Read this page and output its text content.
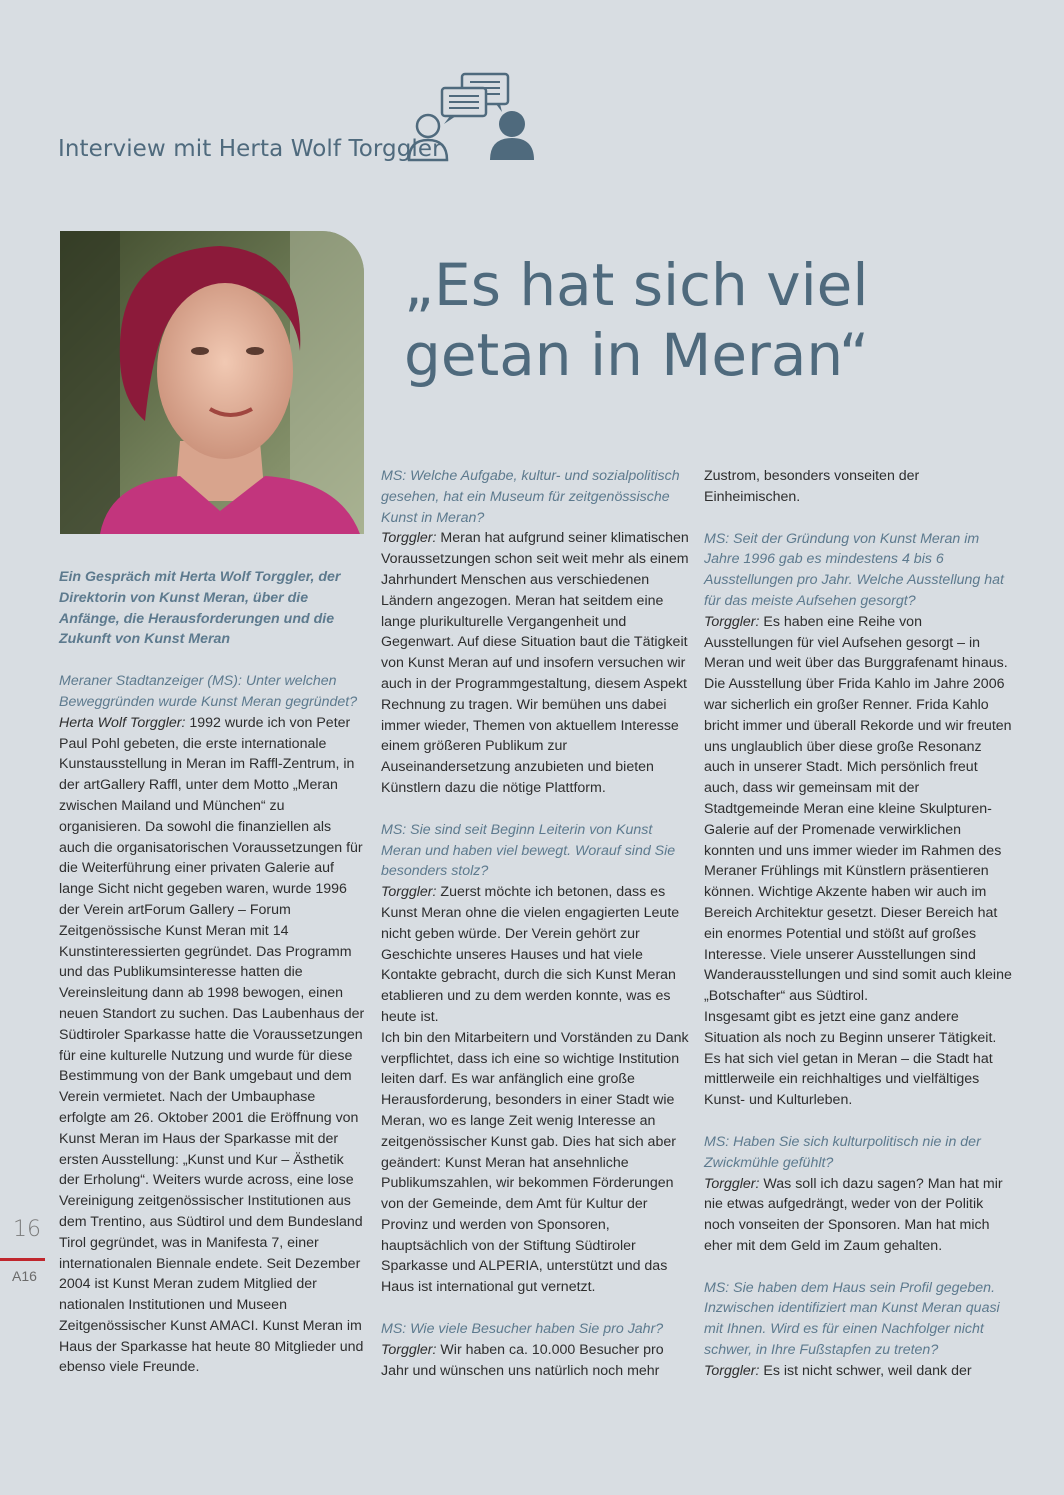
Interview mit Herta Wolf Torggler
„Es hat sich viel
getan in Meran“

Ein Gespräch mit Herta Wolf Torggler, der Direktorin von Kunst Meran, über die Anfänge, die Herausforderungen und die Zukunft von Kunst Meran

Meraner Stadtanzeiger (MS): Unter welchen Beweggründen wurde Kunst Meran gegründet?

Herta Wolf Torggler: 1992 wurde ich von Peter Paul Pohl gebeten, die erste internationale Kunstausstellung in Meran im Raffl-Zentrum, in der artGallery Raffl, unter dem Motto „Meran zwischen Mailand und München“ zu organisieren. Da sowohl die finanziellen als auch die organisatorischen Voraussetzungen für die Weiterführung einer privaten Galerie auf lange Sicht nicht gegeben waren, wurde 1996 der Verein artForum Gallery – Forum Zeitgenössische Kunst Meran mit 14 Kunstinteressierten gegründet. Das Programm und das Publikumsinteresse hatten die Vereinsleitung dann ab 1998 bewogen, einen neuen Standort zu suchen. Das Laubenhaus der Südtiroler Sparkasse hatte die Voraussetzungen für eine kulturelle Nutzung und wurde für diese Bestimmung von der Bank umgebaut und dem Verein vermietet. Nach der Umbauphase erfolgte am 26. Oktober 2001 die Eröffnung von Kunst Meran im Haus der Sparkasse mit der ersten Ausstellung: „Kunst und Kur – Ästhetik der Erholung“. Weiters wurde across, eine lose Vereinigung zeitgenössischer Institutionen aus dem Trentino, aus Südtirol und dem Bundesland Tirol gegründet, was in Manifesta 7, einer internationalen Biennale endete. Seit Dezember 2004 ist Kunst Meran zudem Mitglied der nationalen Institutionen und Museen Zeitgenössischer Kunst AMACI. Kunst Meran im Haus der Sparkasse hat heute 80 Mitglieder und ebenso viele Freunde.

MS: Welche Aufgabe, kultur- und sozialpolitisch gesehen, hat ein Museum für zeitgenössische Kunst in Meran?

Torggler: Meran hat aufgrund seiner klimatischen Voraussetzungen schon seit weit mehr als einem Jahrhundert Menschen aus verschiedenen Ländern angezogen. Meran hat seitdem eine lange plurikulturelle Vergangenheit und Gegenwart. Auf diese Situation baut die Tätigkeit von Kunst Meran auf und insofern versuchen wir auch in der Programmgestaltung, diesem Aspekt Rechnung zu tragen. Wir bemühen uns dabei immer wieder, Themen von aktuellem Interesse einem größeren Publikum zur Auseinandersetzung anzubieten und bieten Künstlern dazu die nötige Plattform.

MS: Sie sind seit Beginn Leiterin von Kunst Meran und haben viel bewegt. Worauf sind Sie besonders stolz?

Torggler: Zuerst möchte ich betonen, dass es Kunst Meran ohne die vielen engagierten Leute nicht geben würde. Der Verein gehört zur Geschichte unseres Hauses und hat viele Kontakte gebracht, durch die sich Kunst Meran etablieren und zu dem werden konnte, was es heute ist.

Ich bin den Mitarbeitern und Vorständen zu Dank verpflichtet, dass ich eine so wichtige Institution leiten darf. Es war anfänglich eine große Herausforderung, besonders in einer Stadt wie Meran, wo es lange Zeit wenig Interesse an zeitgenössischer Kunst gab. Dies hat sich aber geändert: Kunst Meran hat ansehnliche Publikumszahlen, wir bekommen Förderungen von der Gemeinde, dem Amt für Kultur der Provinz und werden von Sponsoren, hauptsächlich von der Stiftung Südtiroler Sparkasse und ALPERIA, unterstützt und das Haus ist international gut vernetzt.

MS: Wie viele Besucher haben Sie pro Jahr?

Torggler: Wir haben ca. 10.000 Besucher pro Jahr und wünschen uns natürlich noch mehr

Zustrom, besonders vonseiten der Einheimischen.

MS: Seit der Gründung von Kunst Meran im Jahre 1996 gab es mindestens 4 bis 6 Ausstellungen pro Jahr. Welche Ausstellung hat für das meiste Aufsehen gesorgt?

Torggler: Es haben eine Reihe von Ausstellungen für viel Aufsehen gesorgt – in Meran und weit über das Burggrafenamt hinaus. Die Ausstellung über Frida Kahlo im Jahre 2006 war sicherlich ein großer Renner. Frida Kahlo bricht immer und überall Rekorde und wir freuten uns unglaublich über diese große Resonanz auch in unserer Stadt. Mich persönlich freut auch, dass wir gemeinsam mit der Stadtgemeinde Meran eine kleine Skulpturen-Galerie auf der Promenade verwirklichen konnten und uns immer wieder im Rahmen des Meraner Frühlings mit Künstlern präsentieren können. Wichtige Akzente haben wir auch im Bereich Architektur gesetzt. Dieser Bereich hat ein enormes Potential und stößt auf großes Interesse. Viele unserer Ausstellungen sind Wanderausstellungen und sind somit auch kleine „Botschafter“ aus Südtirol.

Insgesamt gibt es jetzt eine ganz andere Situation als noch zu Beginn unserer Tätigkeit. Es hat sich viel getan in Meran – die Stadt hat mittlerweile ein reichhaltiges und vielfältiges Kunst- und Kulturleben.

MS: Haben Sie sich kulturpolitisch nie in der Zwickmühle gefühlt?

Torggler: Was soll ich dazu sagen? Man hat mir nie etwas aufgedrängt, weder von der Politik noch vonseiten der Sponsoren. Man hat mich eher mit dem Geld im Zaum gehalten.

MS: Sie haben dem Haus sein Profil gegeben. Inzwischen identifiziert man Kunst Meran quasi mit Ihnen. Wird es für einen Nachfolger nicht schwer, in Ihre Fußstapfen zu treten?

Torggler: Es ist nicht schwer, weil dank der

16
A16
